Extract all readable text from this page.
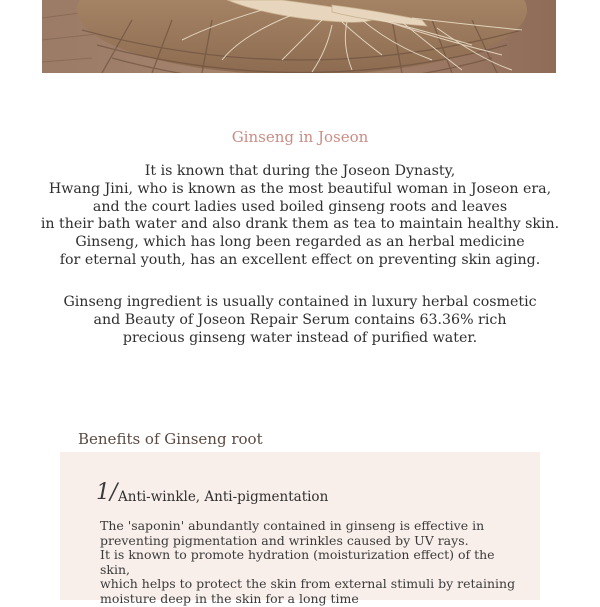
Ginseng in Joseon

It is known that during the Joseon Dynasty,

Hwang Jini, who is known as the most beautiful woman in Joseon era,

and the court ladies used boiled ginseng roots and leaves

in their bath water and also drank them as tea to maintain healthy skin.

Ginseng, which has long been regarded as an herbal medicine

for eternal youth, has an excellent effect on preventing skin aging.

Ginseng ingredient is usually contained in luxury herbal cosmetic

and Beauty of Joseon Repair Serum contains 63.36% rich

precious ginseng water instead of purified water.

Benefits of Ginseng root
1/ Anti-winkle, Anti-pigmentation

The 'saponin' abundantly contained in ginseng is effective in

preventing pigmentation and wrinkles caused by UV rays.

It is known to promote hydration (moisturization effect) of the skin,

which helps to protect the skin from external stimuli by retaining

moisture deep in the skin for a long time
